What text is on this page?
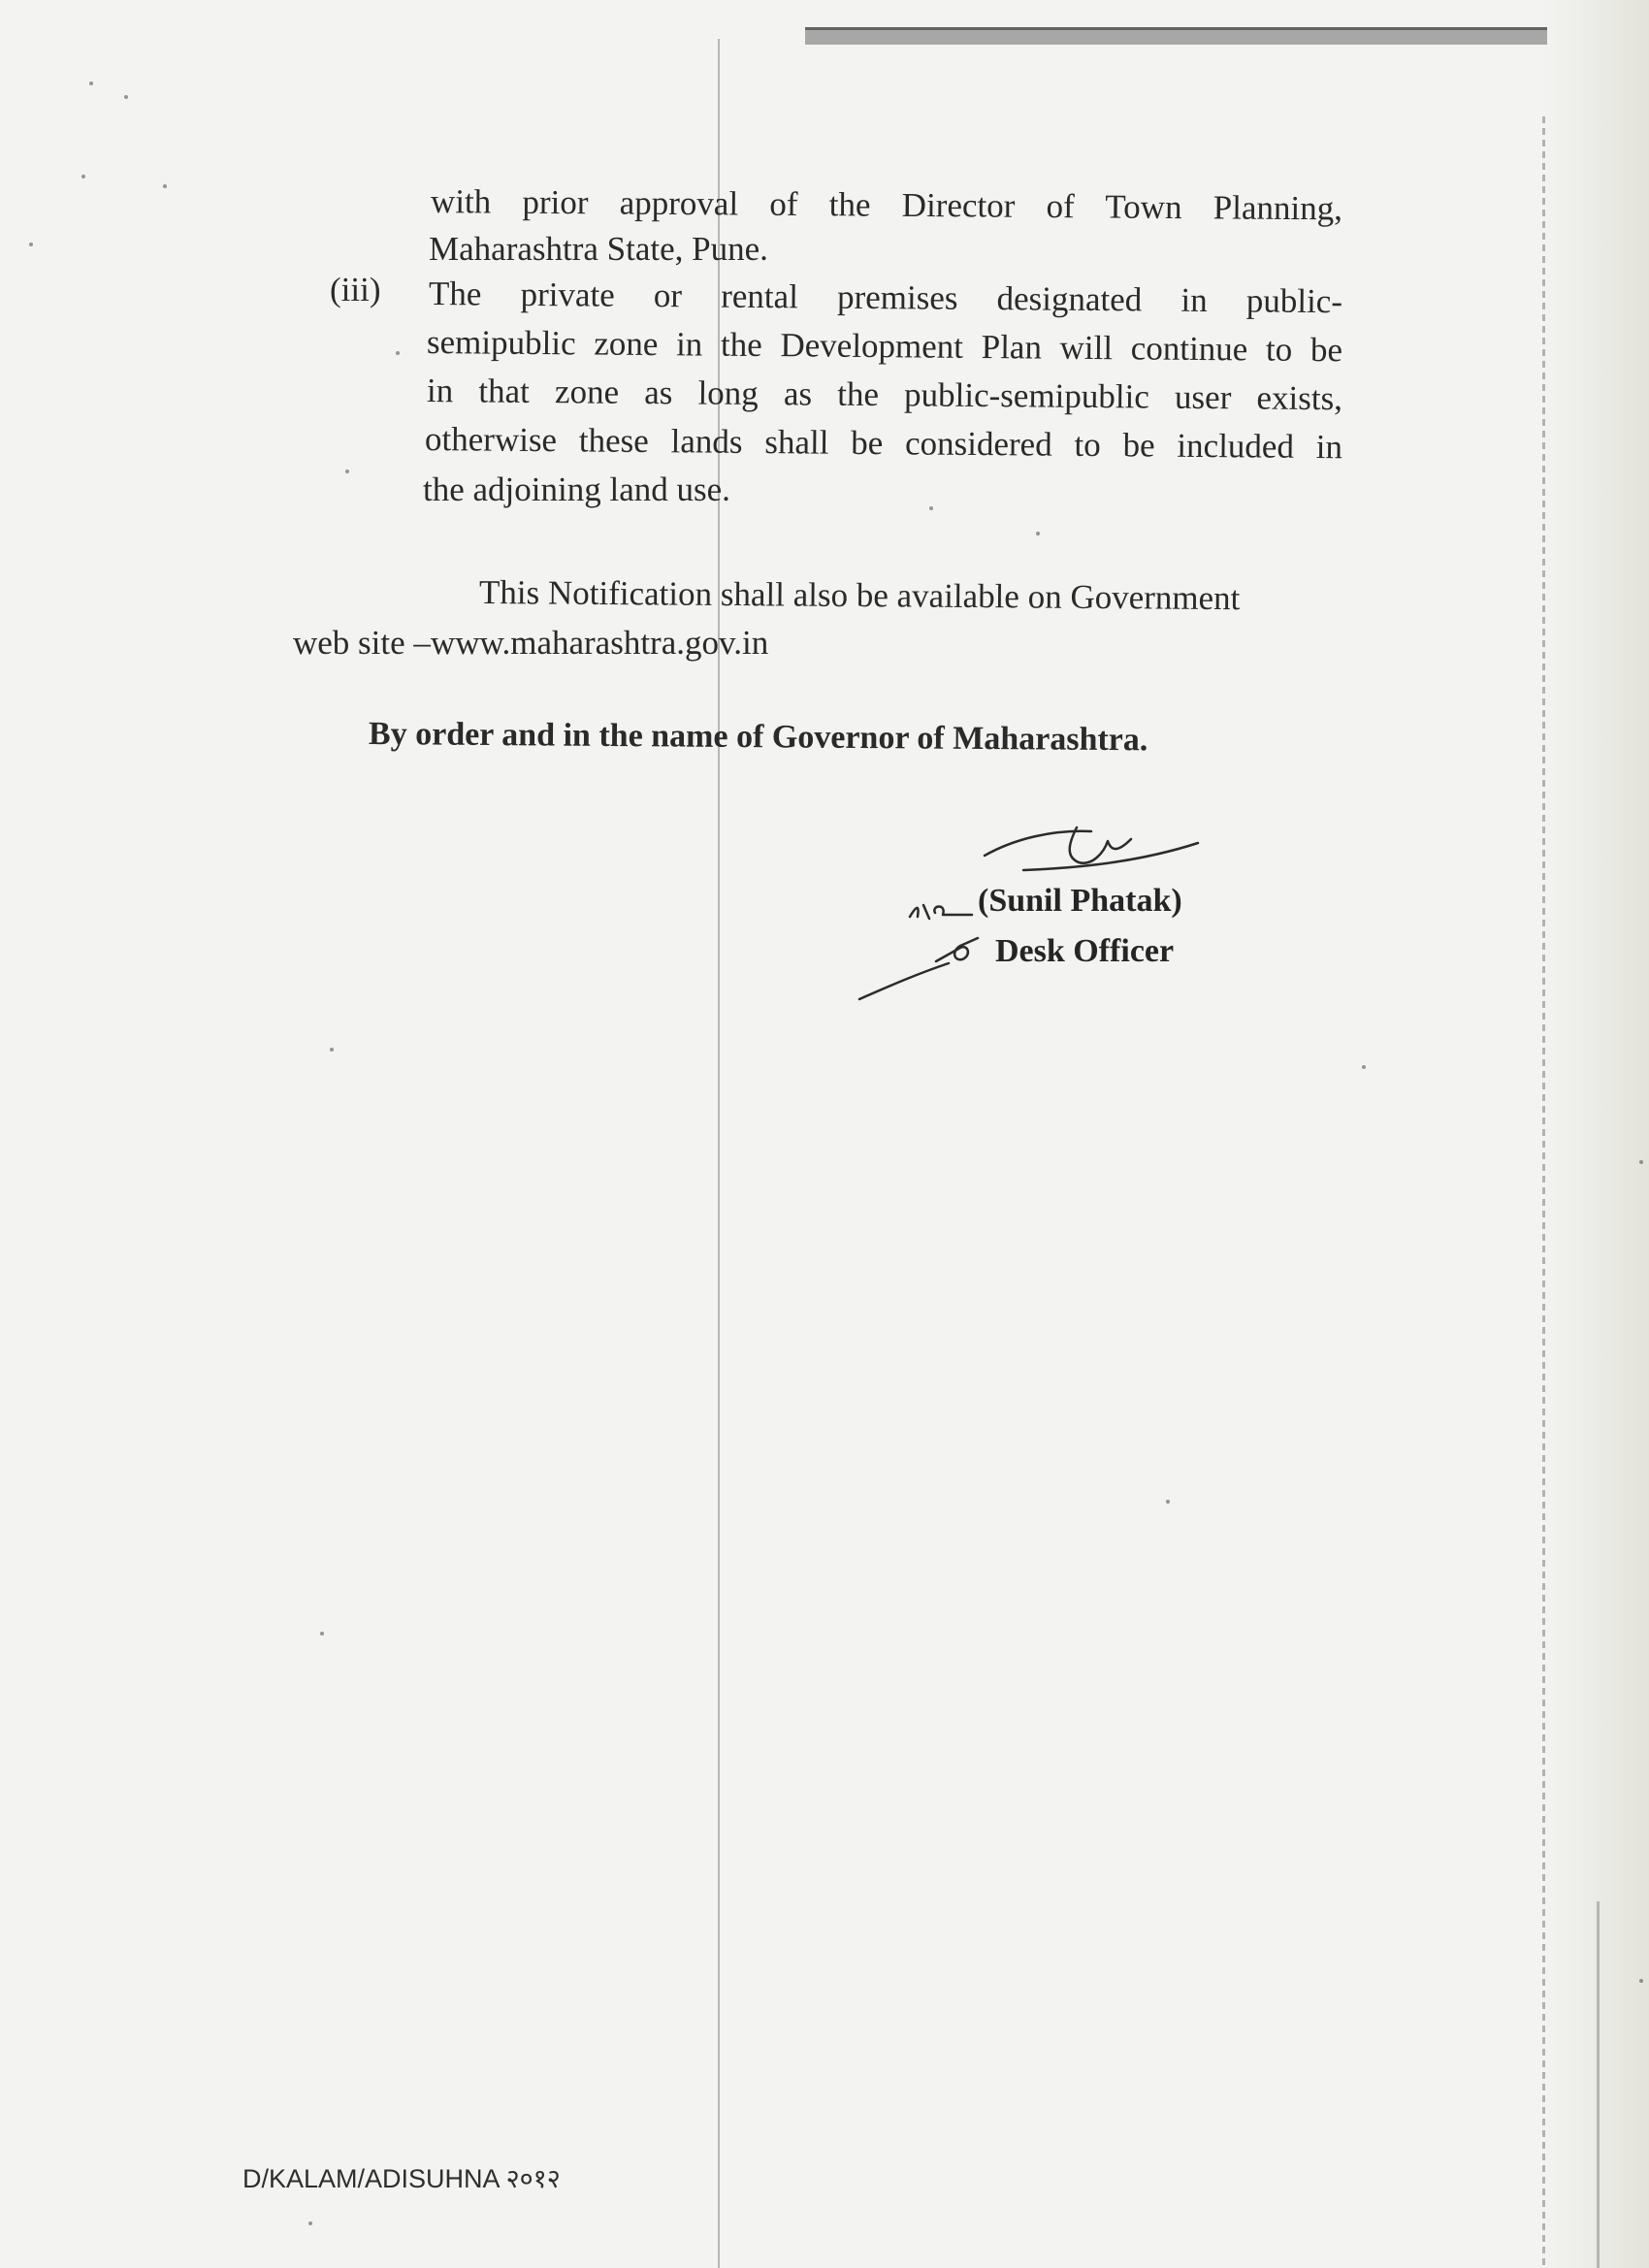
with prior approval of the Director of Town Planning,
Maharashtra State, Pune.
(iii) The private or rental premises designated in public-
semipublic zone in the Development Plan will continue to be
in that zone as long as the public-semipublic user exists,
otherwise these lands shall be considered to be included in
the adjoining land use.
This Notification shall also be available on Government
web site –www.maharashtra.gov.in
By order and in the name of Governor of Maharashtra.
(Sunil Phatak)
Desk Officer
D/KALAM/ADISUHNA २०१२
